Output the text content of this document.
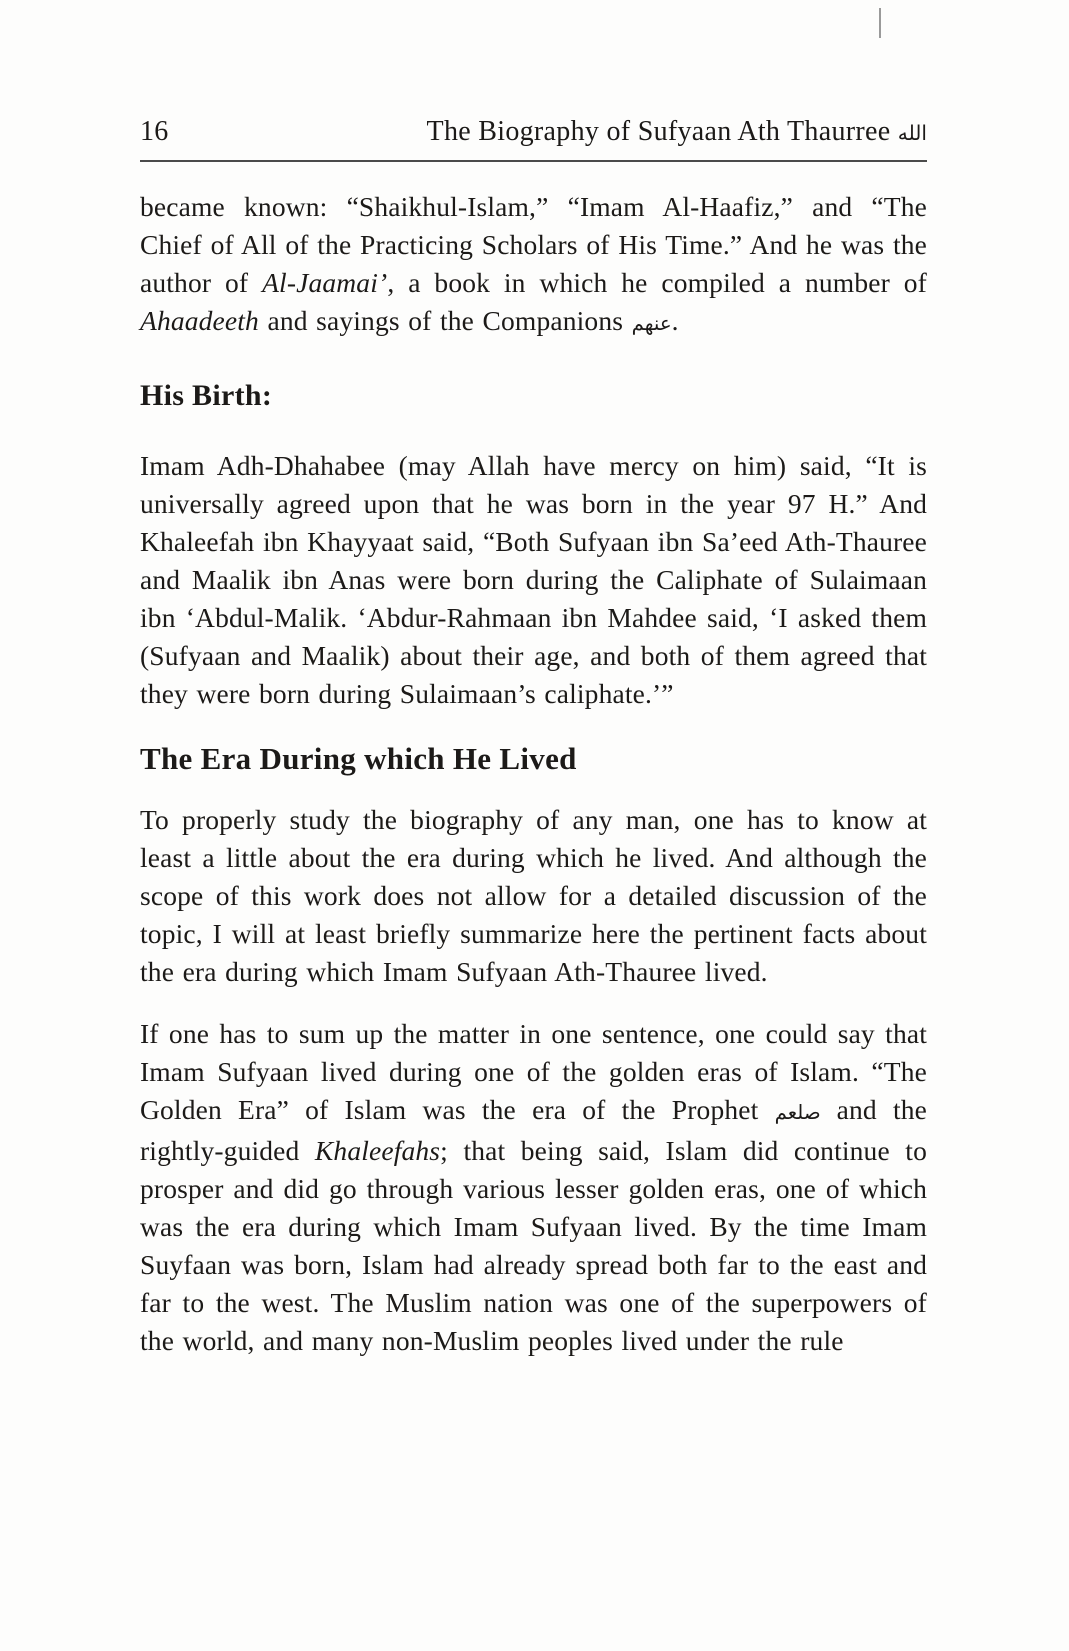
16	The Biography of Sufyaan Ath Thaurree الله

became known: “Shaikhul-Islam,” “Imam Al-Haafiz,” and “The Chief of All of the Practicing Scholars of His Time.” And he was the author of Al-Jaamai’, a book in which he compiled a number of Ahaadeeth and sayings of the Companions عنهم.

His Birth:

Imam Adh-Dhahabee (may Allah have mercy on him) said, “It is universally agreed upon that he was born in the year 97 H.” And Khaleefah ibn Khayyaat said, “Both Sufyaan ibn Sa’eed Ath-Thauree and Maalik ibn Anas were born during the Caliphate of Sulaimaan ibn ‘Abdul-Malik. ‘Abdur-Rahmaan ibn Mahdee said, ‘I asked them (Sufyaan and Maalik) about their age, and both of them agreed that they were born during Sulaimaan’s caliphate.’”

The Era During which He Lived

To properly study the biography of any man, one has to know at least a little about the era during which he lived. And although the scope of this work does not allow for a detailed discussion of the topic, I will at least briefly summarize here the pertinent facts about the era during which Imam Sufyaan Ath-Thauree lived.

If one has to sum up the matter in one sentence, one could say that Imam Sufyaan lived during one of the golden eras of Islam. “The Golden Era” of Islam was the era of the Prophet صلعم and the rightly-guided Khaleefahs; that being said, Islam did continue to prosper and did go through various lesser golden eras, one of which was the era during which Imam Sufyaan lived. By the time Imam Suyfaan was born, Islam had already spread both far to the east and far to the west. The Muslim nation was one of the superpowers of the world, and many non-Muslim peoples lived under the rule
